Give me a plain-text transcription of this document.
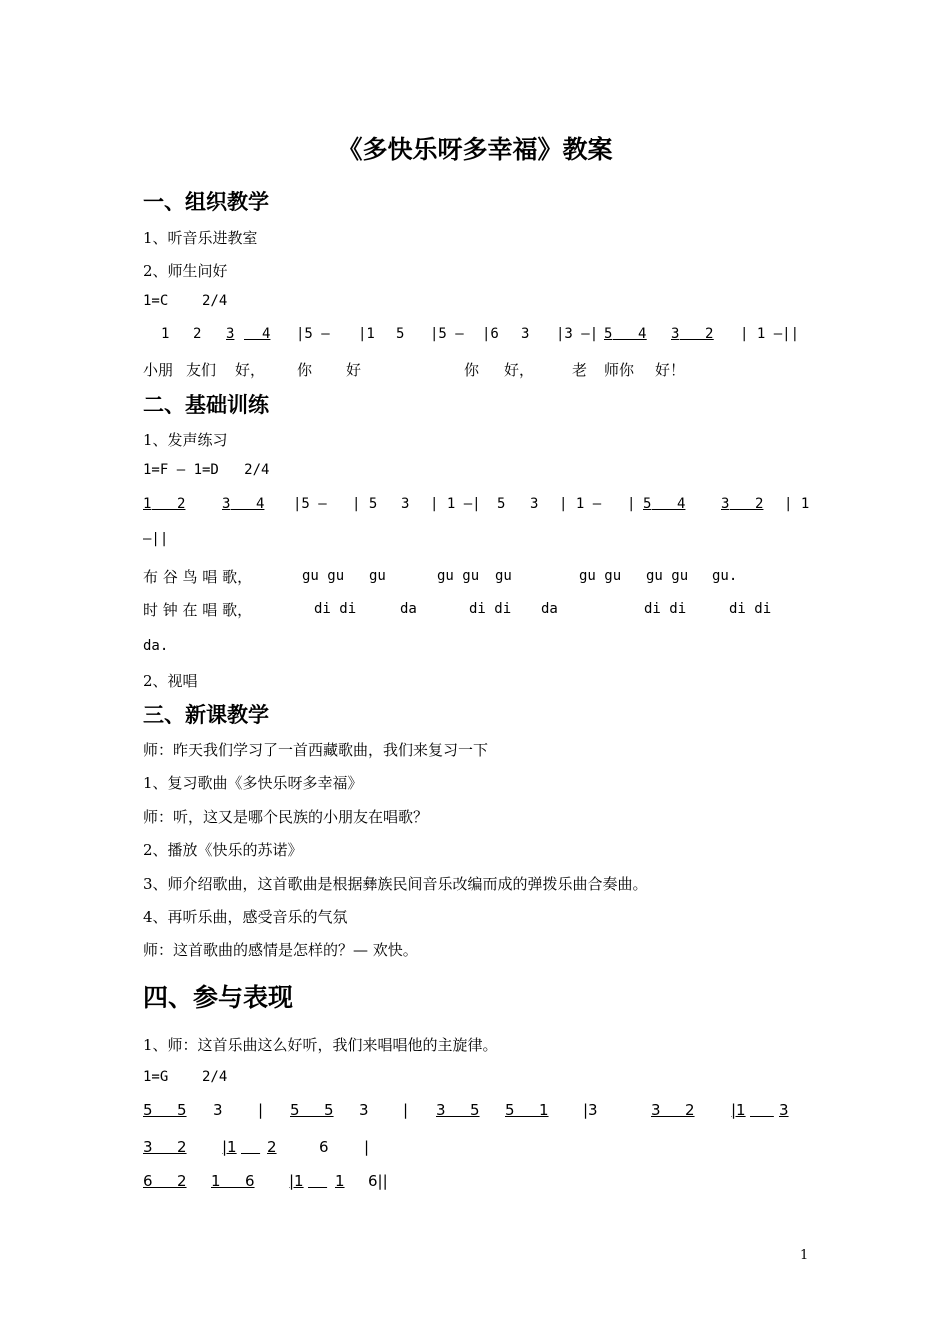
《多快乐呀多幸福》教案
一、组织教学
1、听音乐进教室
2、师生问好
1=C    2/4
1 2 3
4 |5 — |1 5 |5 — |6 3 |3 —| 5
4 3
2 | 1 —||
小朋 友们 好， 你 好	你 好，	老 师你 好！
二、基础训练
1、发声练习
1=F — 1=D   2/4
1
2	3
4 |5 — | 5 3 | 1 —| 5 3 | 1 — | 5
4	3
2 | 1
—||
布 谷 鸟 唱 歌，	gu gu gu	gu gu gu	gu gu gu gu gu.
时 钟 在 唱 歌，	di di	da	di di da	di di	di di
da.
2、视唱
三、新课教学
师：昨天我们学习了一首西藏歌曲，我们来复习一下
1、复习歌曲《多快乐呀多幸福》
师：听，这又是哪个民族的小朋友在唱歌？
2、播放《快乐的苏诺》
3、师介绍歌曲，这首歌曲是根据彝族民间音乐改编而成的弹拨乐曲合奏曲。
4、再听乐曲，感受音乐的气氛
师：这首歌曲的感情是怎样的？— 欢快。
四、参与表现
1、师：这首乐曲这么好听，我们来唱唱他的主旋律。
1=G    2/4
5
5 3 | 5
5 3 | 3
5 5
1 |3	3
2 |1
3
3
2 |1
2	6 |
6
2 1
6 |1
1 6||
1
